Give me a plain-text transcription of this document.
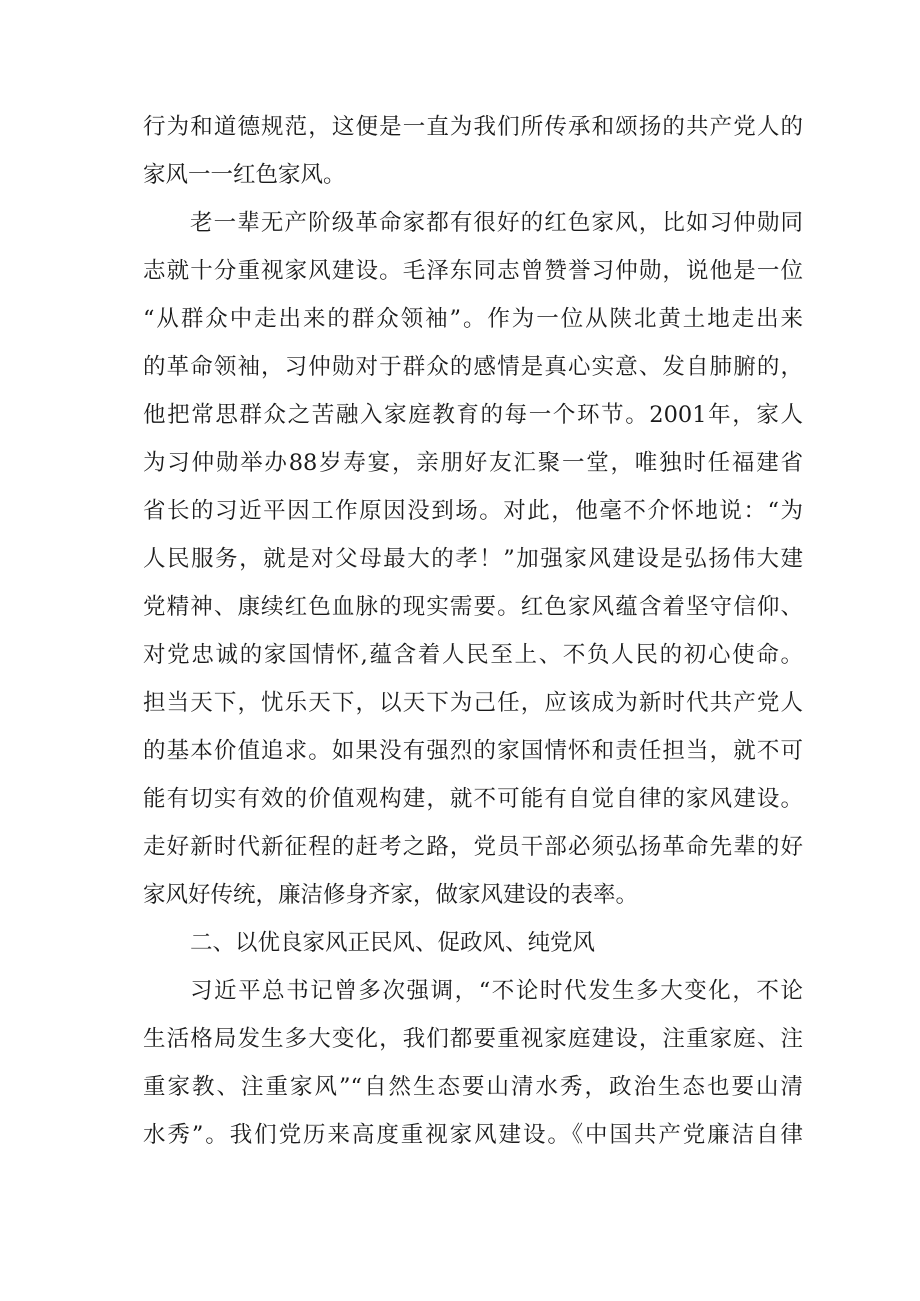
行为和道德规范，这便是一直为我们所传承和颂扬的共产党人的
家风一一红色家风。
老一辈无产阶级革命家都有很好的红色家风，比如习仲勋同
志就十分重视家风建设。毛泽东同志曾赞誉习仲勋，说他是一位
“从群众中走出来的群众领袖”。作为一位从陕北黄土地走出来
的革命领袖，习仲勋对于群众的感情是真心实意、发自肺腑的，
他把常思群众之苦融入家庭教育的每一个环节。2001年，家人
为习仲勋举办88岁寿宴，亲朋好友汇聚一堂，唯独时任福建省
省长的习近平因工作原因没到场。对此，他毫不介怀地说：“为
人民服务，就是对父母最大的孝！”加强家风建设是弘扬伟大建
党精神、康续红色血脉的现实需要。红色家风蕴含着坚守信仰、
对党忠诚的家国情怀,蕴含着人民至上、不负人民的初心使命。
担当天下，忧乐天下，以天下为己任，应该成为新时代共产党人
的基本价值追求。如果没有强烈的家国情怀和责任担当，就不可
能有切实有效的价值观构建，就不可能有自觉自律的家风建设。
走好新时代新征程的赶考之路，党员干部必须弘扬革命先辈的好
家风好传统，廉洁修身齐家，做家风建设的表率。
二、以优良家风正民风、促政风、纯党风
习近平总书记曾多次强调，“不论时代发生多大变化，不论
生活格局发生多大变化，我们都要重视家庭建设，注重家庭、注
重家教、注重家风”“自然生态要山清水秀，政治生态也要山清
水秀”。我们党历来高度重视家风建设。《中国共产党廉洁自律
